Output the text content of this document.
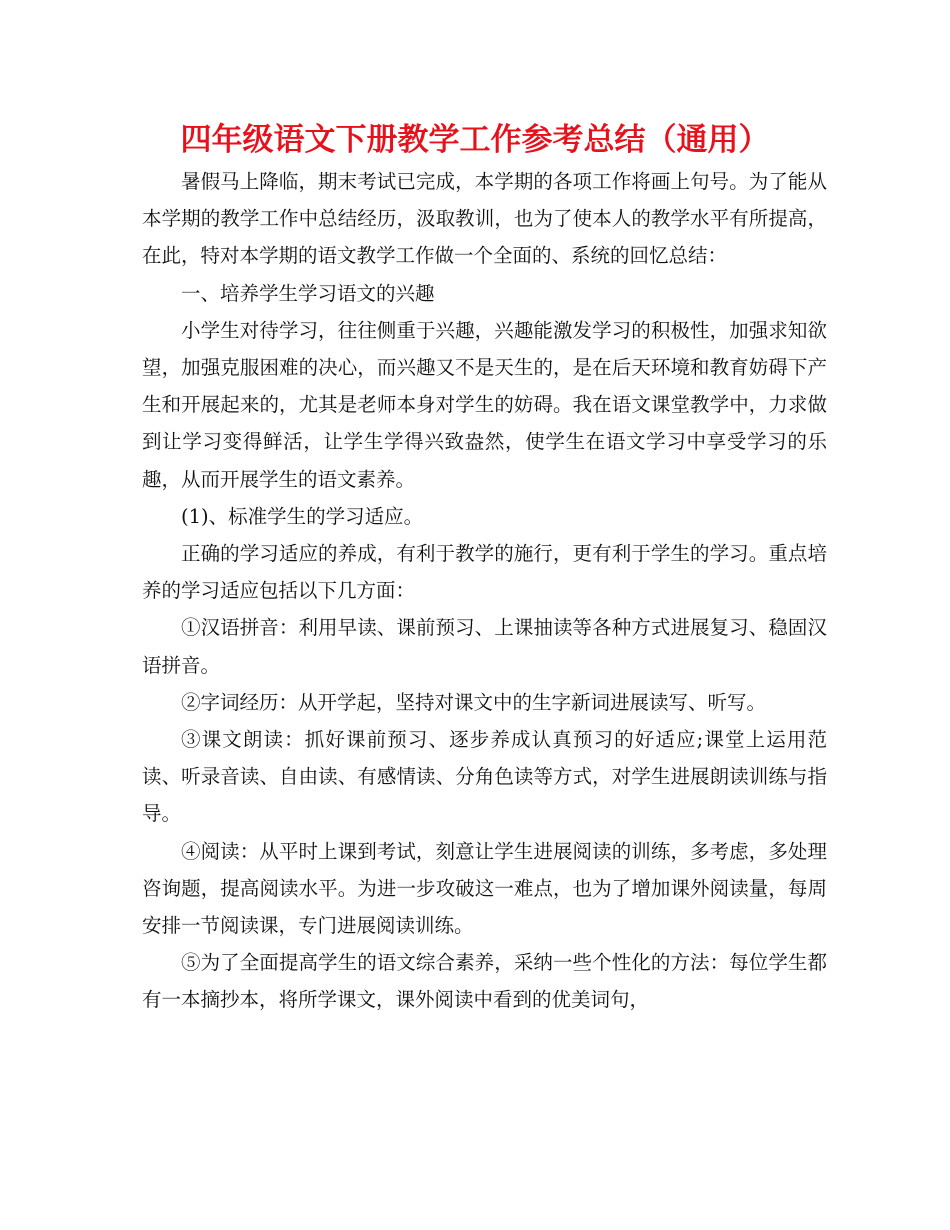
四年级语文下册教学工作参考总结（通用）

暑假马上降临，期末考试已完成，本学期的各项工作将画上句号。为了能从本学期的教学工作中总结经历，汲取教训，也为了使本人的教学水平有所提高，在此，特对本学期的语文教学工作做一个全面的、系统的回忆总结：

一、培养学生学习语文的兴趣

小学生对待学习，往往侧重于兴趣，兴趣能激发学习的积极性，加强求知欲望，加强克服困难的决心，而兴趣又不是天生的，是在后天环境和教育妨碍下产生和开展起来的，尤其是老师本身对学生的妨碍。我在语文课堂教学中，力求做到让学习变得鲜活，让学生学得兴致盎然，使学生在语文学习中享受学习的乐趣，从而开展学生的语文素养。

(1)、标准学生的学习适应。

正确的学习适应的养成，有利于教学的施行，更有利于学生的学习。重点培养的学习适应包括以下几方面：

①汉语拼音：利用早读、课前预习、上课抽读等各种方式进展复习、稳固汉语拼音。

②字词经历：从开学起，坚持对课文中的生字新词进展读写、听写。

③课文朗读：抓好课前预习、逐步养成认真预习的好适应;课堂上运用范读、听录音读、自由读、有感情读、分角色读等方式，对学生进展朗读训练与指导。

④阅读：从平时上课到考试，刻意让学生进展阅读的训练，多考虑，多处理咨询题，提高阅读水平。为进一步攻破这一难点，也为了增加课外阅读量，每周安排一节阅读课，专门进展阅读训练。

⑤为了全面提高学生的语文综合素养，采纳一些个性化的方法：每位学生都有一本摘抄本，将所学课文，课外阅读中看到的优美词句，
